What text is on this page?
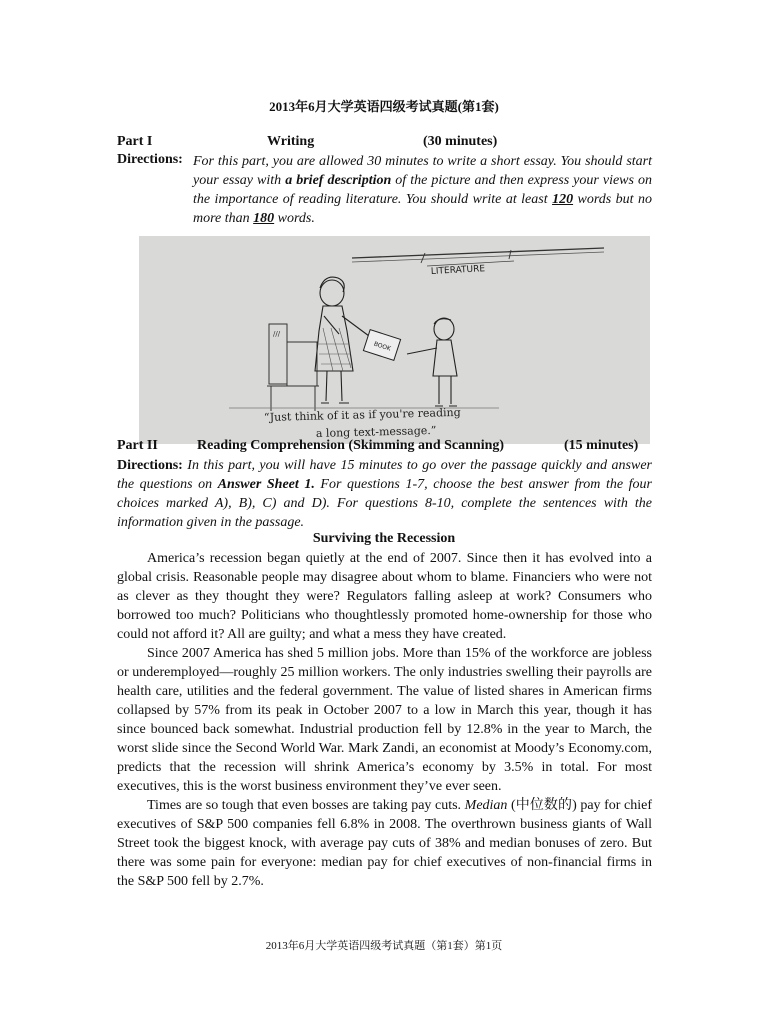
2013年6月大学英语四级考试真题(第1套)
Part I	Writing	(30 minutes)
Directions: For this part, you are allowed 30 minutes to write a short essay. You should start your essay with a brief description of the picture and then express your views on the importance of reading literature. You should write at least 120 words but no more than 180 words.
LITERATURE
///
BOOK
“Just think of it as if you're reading
a long text-message.”
Part II	Reading Comprehension (Skimming and Scanning)	(15 minutes)
Directions: In this part, you will have 15 minutes to go over the passage quickly and answer the questions on Answer Sheet 1. For questions 1-7, choose the best answer from the four choices marked A), B), C) and D). For questions 8-10, complete the sentences with the information given in the passage.
Surviving the Recession

America’s recession began quietly at the end of 2007. Since then it has evolved into a global crisis. Reasonable people may disagree about whom to blame. Financiers who were not as clever as they thought they were? Regulators falling asleep at work? Consumers who borrowed too much? Politicians who thoughtlessly promoted home-ownership for those who could not afford it? All are guilty; and what a mess they have created.

Since 2007 America has shed 5 million jobs. More than 15% of the workforce are jobless or underemployed—roughly 25 million workers. The only industries swelling their payrolls are health care, utilities and the federal government. The value of listed shares in American firms collapsed by 57% from its peak in October 2007 to a low in March this year, though it has since bounced back somewhat. Industrial production fell by 12.8% in the year to March, the worst slide since the Second World War. Mark Zandi, an economist at Moody’s Economy.com, predicts that the recession will shrink America’s economy by 3.5% in total. For most executives, this is the worst business environment they’ve ever seen.

Times are so tough that even bosses are taking pay cuts. Median (中位数的) pay for chief executives of S&P 500 companies fell 6.8% in 2008. The overthrown business giants of Wall Street took the biggest knock, with average pay cuts of 38% and median bonuses of zero. But there was some pain for everyone: median pay for chief executives of non-financial firms in the S&P 500 fell by 2.7%.

2013年6月大学英语四级考试真题（第1套）第1页
